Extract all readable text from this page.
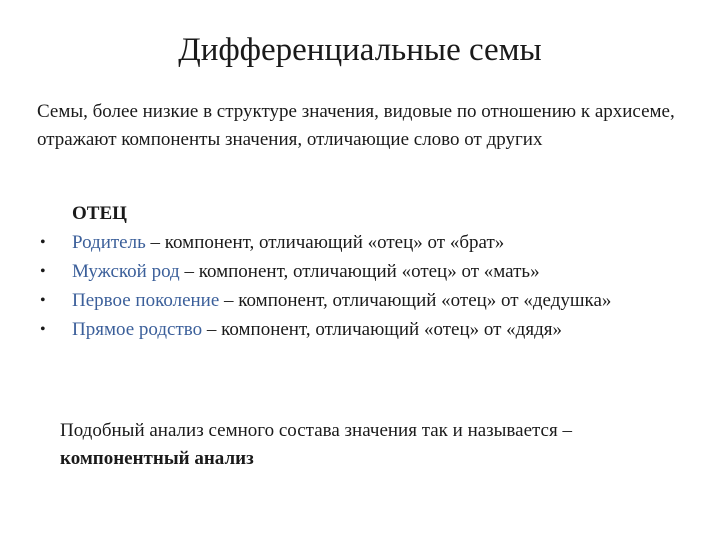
Дифференциальные семы
Семы, более низкие в структуре значения, видовые по отношению к архисеме, отражают компоненты значения, отличающие слово от других
ОТЕЦ
•	Родитель – компонент, отличающий «отец» от «брат»
•	Мужской род – компонент, отличающий «отец» от «мать»
•	Первое поколение – компонент, отличающий «отец» от «дедушка»
•	Прямое родство – компонент, отличающий «отец» от «дядя»
Подобный анализ семного состава значения так и называется –
компонентный анализ
